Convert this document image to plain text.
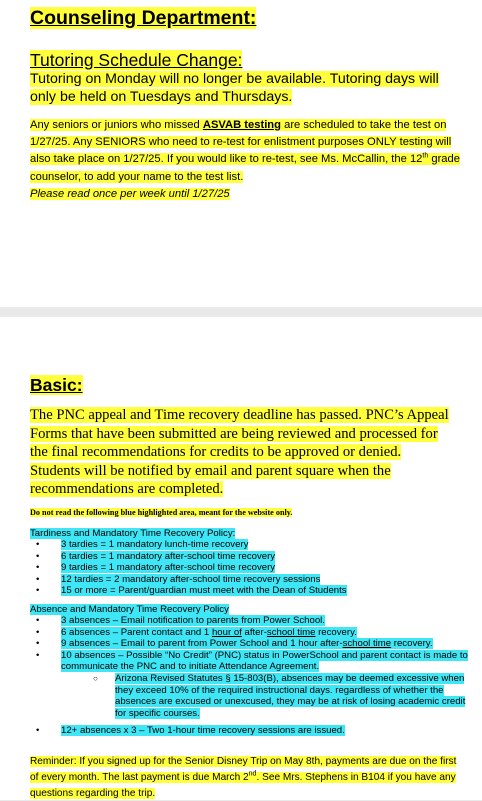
Counseling Department:

Tutoring Schedule Change:

Tutoring on Monday will no longer be available. Tutoring days will only be held on Tuesdays and Thursdays.

Any seniors or juniors who missed ASVAB testing are scheduled to take the test on 1/27/25. Any SENIORS who need to re-test for enlistment purposes ONLY testing will also take place on 1/27/25. If you would like to re-test, see Ms. McCallin, the 12th grade counselor, to add your name to the test list.
Please read once per week until 1/27/25

Basic:

The PNC appeal and Time recovery deadline has passed. PNC’s Appeal Forms that have been submitted are being reviewed and processed for the final recommendations for credits to be approved or denied. Students will be notified by email and parent square when the recommendations are completed.

Do not read the following blue highlighted area, meant for the website only.

Tardiness and Mandatory Time Recovery Policy:

• 3 tardies = 1 mandatory lunch-time recovery
• 6 tardies = 1 mandatory after-school time recovery
• 9 tardies = 1 mandatory after-school time recovery
• 12 tardies = 2 mandatory after-school time recovery sessions
• 15 or more = Parent/guardian must meet with the Dean of Students

Absence and Mandatory Time Recovery Policy

• 3 absences – Email notification to parents from Power School.
• 6 absences – Parent contact and 1 hour of after-school time recovery.
• 9 absences – Email to parent from Power School and 1 hour after-school time recovery.
• 10 absences – Possible “No Credit” (PNC) status in PowerSchool and parent contact is made to communicate the PNC and to initiate Attendance Agreement.
○ Arizona Revised Statutes § 15-803(B), absences may be deemed excessive when they exceed 10% of the required instructional days. regardless of whether the absences are excused or unexcused, they may be at risk of losing academic credit for specific courses.
• 12+ absences x 3 – Two 1-hour time recovery sessions are issued.

Reminder: If you signed up for the Senior Disney Trip on May 8th, payments are due on the first of every month. The last payment is due March 2nd. See Mrs. Stephens in B104 if you have any questions regarding the trip.
